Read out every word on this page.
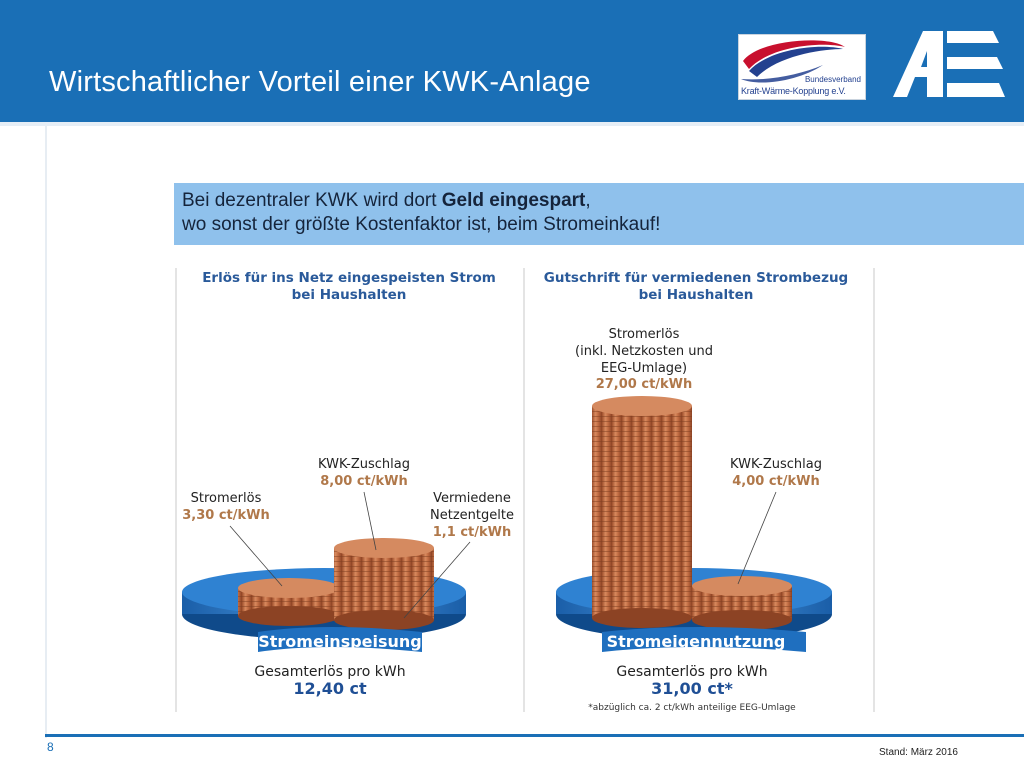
Wirtschaftlicher Vorteil einer KWK-Anlage	Bundesverband
Kraft-Wärme-Kopplung e.V.

Bei dezentraler KWK wird dort Geld eingespart,

wo sonst der größte Kostenfaktor ist, beim Stromeinkauf!

Erlös für ins Netz eingespeisten Strom
bei Haushalten
Stromeinspeisung
Stromerlös
3,30 ct/kWh
KWK-Zuschlag
8,00 ct/kWh
Vermiedene
Netzentgelte
1,1 ct/kWh
Gesamterlös pro kWh
12,40 ct
Gutschrift für vermiedenen Strombezug
bei Haushalten
Stromerlös
(inkl. Netzkosten und
EEG-Umlage)
27,00 ct/kWh
Stromeigennutzung
KWK-Zuschlag
4,00 ct/kWh
Gesamterlös pro kWh
31,00 ct*
*abzüglich ca. 2 ct/kWh anteilige EEG-Umlage
8	Stand: März 2016
